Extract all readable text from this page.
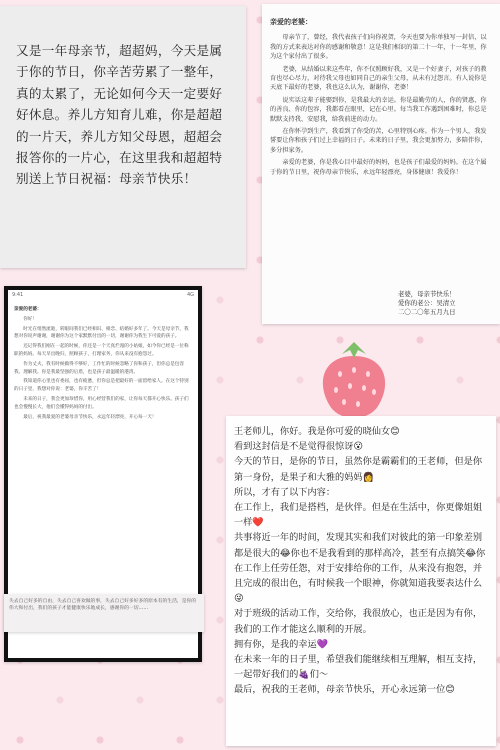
又是一年母亲节，超超妈，今天是属于你的节日，你辛苦劳累了一整年，真的太累了，无论如何今天一定要好好休息。养儿方知育儿难，你是超超的一片天，养儿方知父母恩，超超会报答你的一片心，在这里我和超超特别送上节日祝福：母亲节快乐！
亲爱的老婆：

母亲节了，曾经，我代表孩子们向你祝贺，今天也要为你单独写一封信，以我的方式来表达对你的感谢和敬意！这是我们相识的第二十一年，十一年里，你为这个家付出了很多。

老婆，从结婚以来这些年，你不仅照顾好我，又是一个好妻子，对孩子的教育也尽心尽力，对待我父母也如同自己的亲生父母，从未有过怨言。有人说你是天底下最好的老婆，我也这么认为，谢谢你，老婆！

说实话这辈子能娶到你，是我最大的幸运。你是最勤劳的人，你的贤惠、你的善良、你的包容，我都看在眼里，记在心里。每当我工作遇到困难时，你总是默默支持我、安慰我，给我前进的动力。

在你怀孕到生产，我看到了你受的苦，心里特别心疼。作为一个男人，我发誓要让你和孩子们过上幸福的日子。未来的日子里，我会更加努力，多陪伴你，多分担家务。

亲爱的老婆，你是我心目中最好的妈妈，也是孩子们最爱的妈妈。在这个属于你的节日里，祝你母亲节快乐，永远年轻漂亮，身体健康！我爱你！

老婆，母亲节快乐！
爱你的老公：吴清立
二〇二〇年五月九日
9:41	4G

亲爱的老婆：

你好！

时光在悄然流逝，转眼间我们已经相识、相恋、结婚好多年了。今天是母亲节，我想对你说声谢谢，谢谢你为这个家默默付出的一切，谢谢你为我生下可爱的孩子。

还记得我们刚在一起的时候，你还是一个天真烂漫的小姑娘，如今你已经是一位称职的妈妈。每天早出晚归，照顾孩子，打理家务，你从来没有抱怨过。

作为丈夫，我有时候做得不够好，工作忙的时候忽略了你和孩子，但你总是包容我、理解我。你是我最坚强的后盾，也是孩子最温暖的港湾。

我知道你心里也有委屈，也有疲惫，但你总是把最好的一面留给家人。在这个特别的日子里，我想对你说：老婆，你辛苦了！

未来的日子，我会更加珍惜你，用心经营我们的家，让你每天都开心快乐。孩子们也会慢慢长大，他们会懂得妈妈的付出。

最后，祝我最爱的老婆母亲节快乐，永远年轻漂亮，开心每一天！

失去自己好多的自由，失去自己喜欢做的事，失去自己好多好多的原本有的生活，是你的伟大和付出，我们的孩子才能健康快乐地成长，感谢你的一切……
王老师儿，你好。我是你可爱的晓仙女😊
看到这封信是不是觉得很惊讶😮
今天的节日，是你的节日，虽然你是霸霸们的王老师，但是你第一身份，是果子和大雅的妈妈👩
所以，才有了以下内容：
在工作上，我们是搭档，是伙伴。但是在生活中，你更像姐姐一样❤️
共事将近一年的时间，发现其实和我们对彼此的第一印象差别都是很大的😂你也不是我看到的那样高冷，甚至有点搞笑😂你在工作上任劳任怨，对于安排给你的工作，从来没有抱怨，并且完成的很出色，有时候我一个眼神，你就知道我要表达什么😜
对于班级的活动工作，交给你，我很放心，也正是因为有你，我们的工作才能这么顺利的开展。
拥有你，是我的幸运💜
在未来一年的日子里，希望我们能继续相互理解，相互支持，一起带好我们的🍇们～
最后，祝我的王老师，母亲节快乐，开心永远第一位😊
